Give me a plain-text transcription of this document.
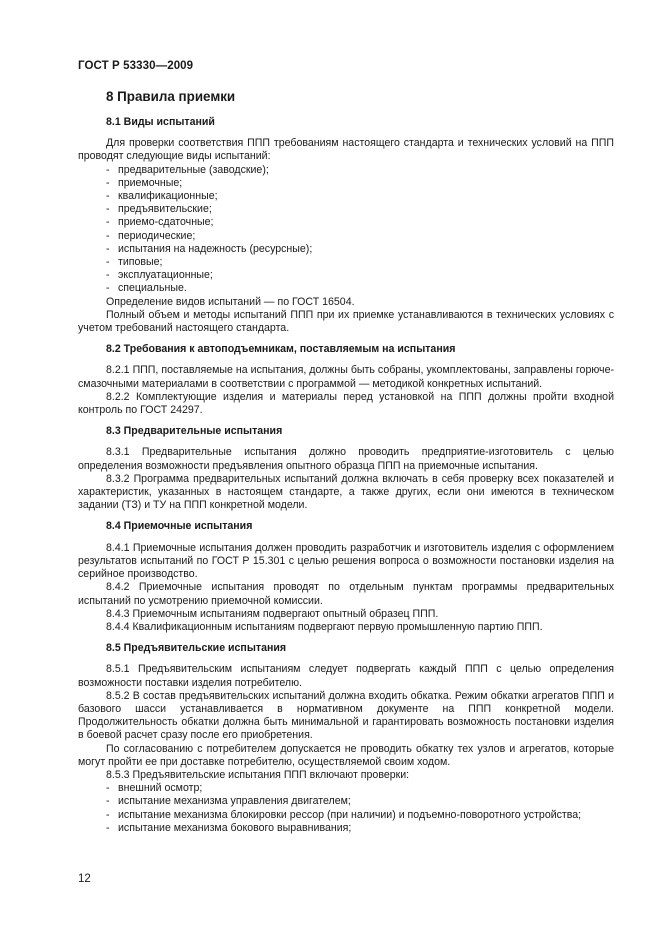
ГОСТ Р 53330—2009
8 Правила приемки
8.1 Виды испытаний

Для проверки соответствия ППП требованиям настоящего стандарта и технических условий на ППП проводят следующие виды испытаний:

- предварительные (заводские);
- приемочные;
- квалификационные;
- предъявительские;
- приемо-сдаточные;
- периодические;
- испытания на надежность (ресурсные);
- типовые;
- эксплуатационные;
- специальные.

Определение видов испытаний — по ГОСТ 16504.

Полный объем и методы испытаний ППП при их приемке устанавливаются в технических условиях с учетом требований настоящего стандарта.

8.2 Требования к автоподъемникам, поставляемым на испытания

8.2.1 ППП, поставляемые на испытания, должны быть собраны, укомплектованы, заправлены горюче-смазочными материалами в соответствии с программой — методикой конкретных испытаний.

8.2.2 Комплектующие изделия и материалы перед установкой на ППП должны пройти входной контроль по ГОСТ 24297.

8.3 Предварительные испытания

8.3.1 Предварительные испытания должно проводить предприятие-изготовитель с целью определения возможности предъявления опытного образца ППП на приемочные испытания.

8.3.2 Программа предварительных испытаний должна включать в себя проверку всех показателей и характеристик, указанных в настоящем стандарте, а также других, если они имеются в техническом задании (ТЗ) и ТУ на ППП конкретной модели.

8.4 Приемочные испытания

8.4.1 Приемочные испытания должен проводить разработчик и изготовитель изделия с оформлением результатов испытаний по ГОСТ Р 15.301 с целью решения вопроса о возможности постановки изделия на серийное производство.

8.4.2 Приемочные испытания проводят по отдельным пунктам программы предварительных испытаний по усмотрению приемочной комиссии.

8.4.3 Приемочным испытаниям подвергают опытный образец ППП.

8.4.4 Квалификационным испытаниям подвергают первую промышленную партию ППП.

8.5 Предъявительские испытания

8.5.1 Предъявительским испытаниям следует подвергать каждый ППП с целью определения возможности поставки изделия потребителю.

8.5.2 В состав предъявительских испытаний должна входить обкатка. Режим обкатки агрегатов ППП и базового шасси устанавливается в нормативном документе на ППП конкретной модели. Продолжительность обкатки должна быть минимальной и гарантировать возможность постановки изделия в боевой расчет сразу после его приобретения.

По согласованию с потребителем допускается не проводить обкатку тех узлов и агрегатов, которые могут пройти ее при доставке потребителю, осуществляемой своим ходом.

8.5.3 Предъявительские испытания ППП включают проверки:

- внешний осмотр;
- испытание механизма управления двигателем;
- испытание механизма блокировки рессор (при наличии) и подъемно-поворотного устройства;
- испытание механизма бокового выравнивания;
12
